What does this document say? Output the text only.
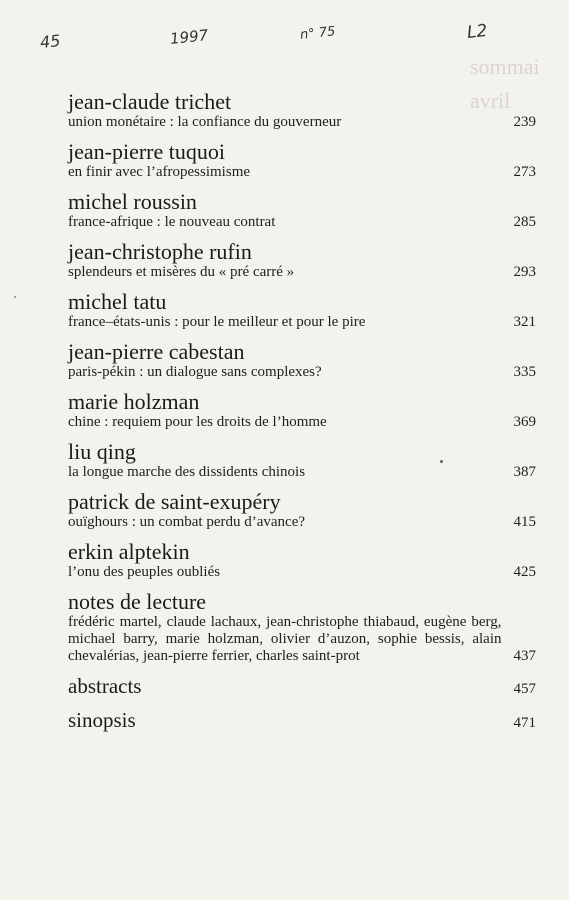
45	1997	n° 75	L2
sommai
avril
jean-claude trichet
union monétaire : la confiance du gouverneur	239
jean-pierre tuquoi
en finir avec l’afropessimisme	273
michel roussin
france-afrique : le nouveau contrat	285
jean-christophe rufin
splendeurs et misères du « pré carré »	293
michel tatu
france–états-unis : pour le meilleur et pour le pire	321
jean-pierre cabestan
paris-pékin : un dialogue sans complexes?	335
marie holzman
chine : requiem pour les droits de l’homme	369
liu qing
la longue marche des dissidents chinois	387
patrick de saint-exupéry
ouïghours : un combat perdu d’avance?	415
erkin alptekin
l’onu des peuples oubliés	425
notes de lecture
frédéric martel, claude lachaux, jean-christophe thiabaud, eugène berg, michael barry, marie holzman, olivier d’auzon, sophie bessis, alain chevalérias, jean-pierre ferrier, charles saint-prot	437
abstracts	457
sinopsis	471
